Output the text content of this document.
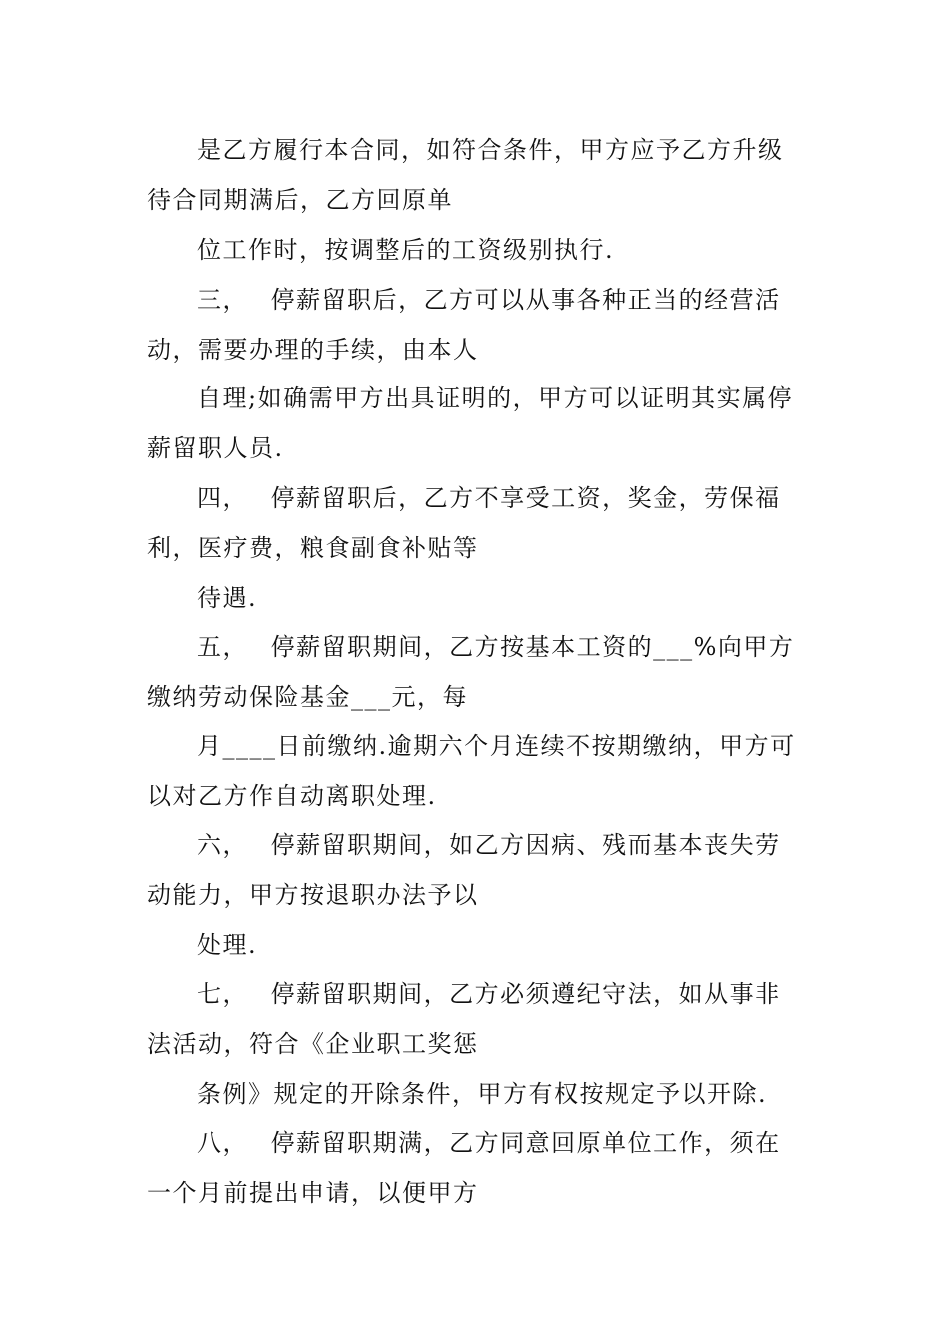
是乙方履行本合同，如符合条件，甲方应予乙方升级
待合同期满后，乙方回原单
位工作时，按调整后的工资级别执行.
三，　 停薪留职后，乙方可以从事各种正当的经营活
动，需要办理的手续，由本人
自理;如确需甲方出具证明的，甲方可以证明其实属停
薪留职人员.
四，　 停薪留职后，乙方不享受工资，奖金，劳保福
利，医疗费，粮食副食补贴等
待遇.
五，　 停薪留职期间，乙方按基本工资的___%向甲方
缴纳劳动保险基金___元，每
月____日前缴纳.逾期六个月连续不按期缴纳，甲方可
以对乙方作自动离职处理.
六，　 停薪留职期间，如乙方因病、残而基本丧失劳
动能力，甲方按退职办法予以
处理.
七，　 停薪留职期间，乙方必须遵纪守法，如从事非
法活动，符合《企业职工奖惩
条例》规定的开除条件，甲方有权按规定予以开除.
八，　 停薪留职期满，乙方同意回原单位工作，须在
一个月前提出申请，以便甲方
